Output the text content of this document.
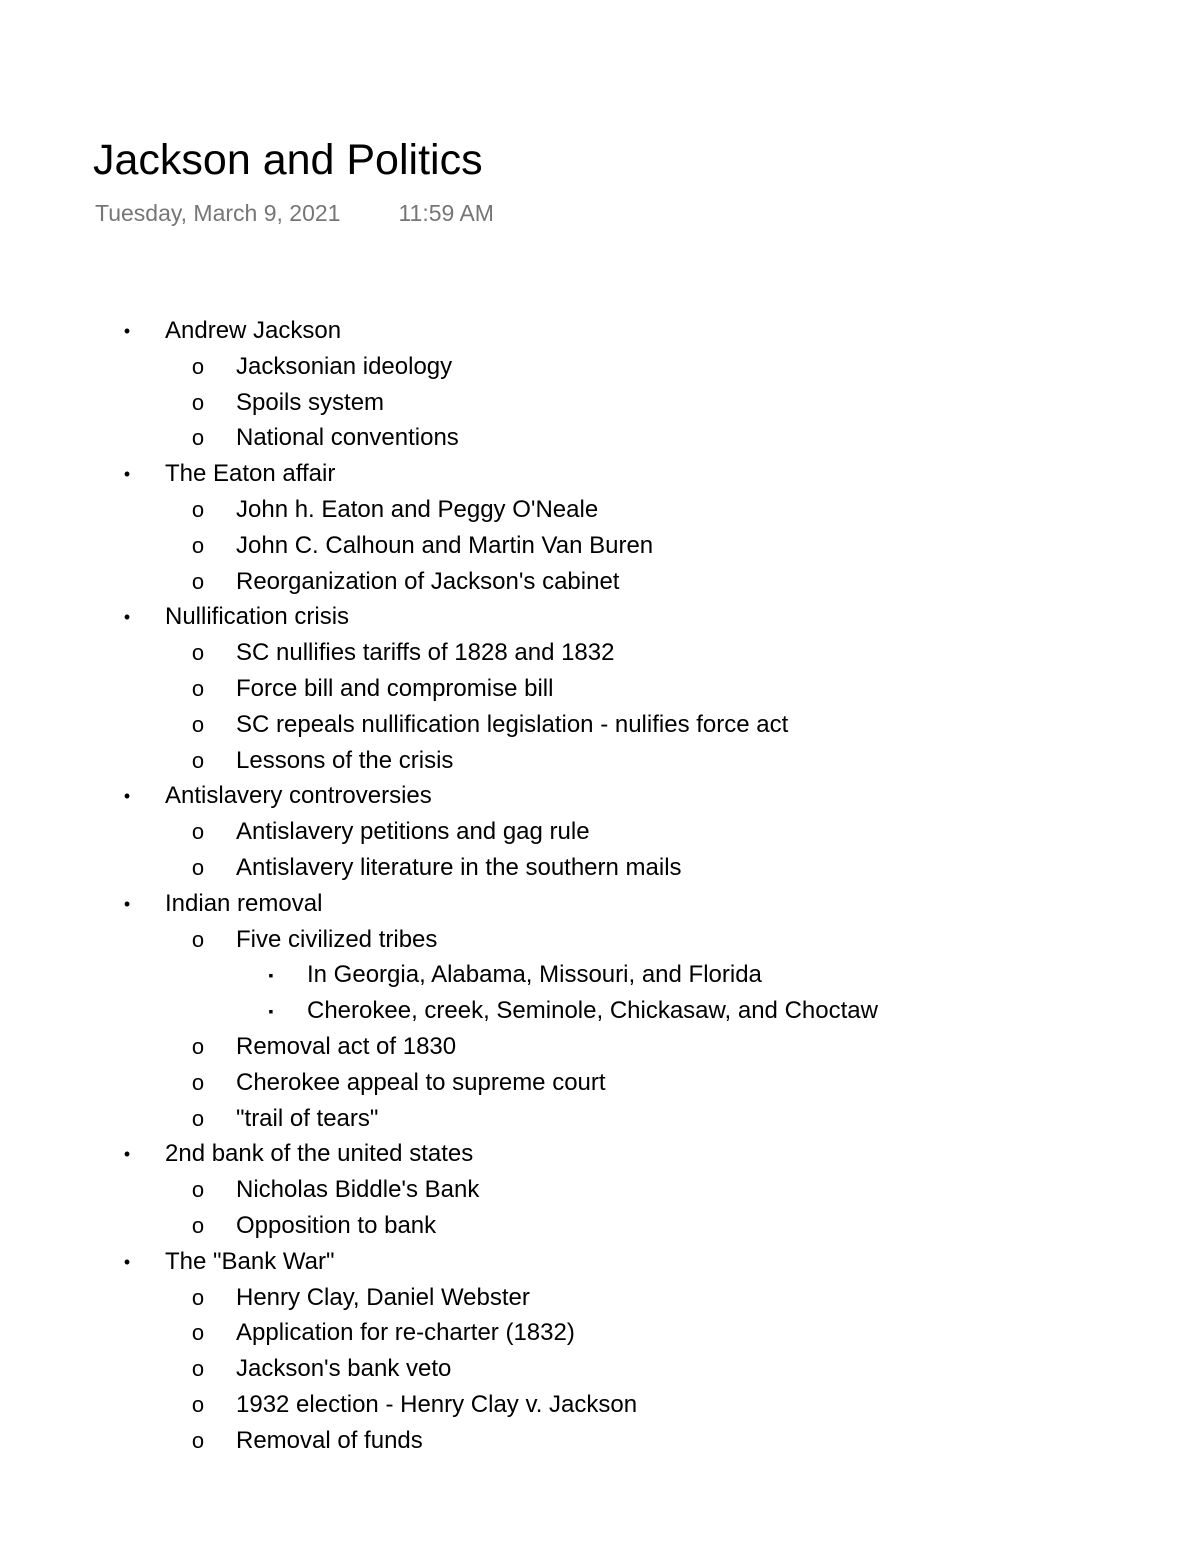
Jackson and Politics
Tuesday, March 9, 2021	11:59 AM
• Andrew Jackson
o Jacksonian ideology
o Spoils system
o National conventions
• The Eaton affair
o John h. Eaton and Peggy O'Neale
o John C. Calhoun and Martin Van Buren
o Reorganization of Jackson's cabinet
• Nullification crisis
o SC nullifies tariffs of 1828 and 1832
o Force bill and compromise bill
o SC repeals nullification legislation - nulifies force act
o Lessons of the crisis
• Antislavery controversies
o Antislavery petitions and gag rule
o Antislavery literature in the southern mails
• Indian removal
o Five civilized tribes
▪ In Georgia, Alabama, Missouri, and Florida
▪ Cherokee, creek, Seminole, Chickasaw, and Choctaw
o Removal act of 1830
o Cherokee appeal to supreme court
o "trail of tears"
• 2nd bank of the united states
o Nicholas Biddle's Bank
o Opposition to bank
• The "Bank War"
o Henry Clay, Daniel Webster
o Application for re-charter (1832)
o Jackson's bank veto
o 1932 election - Henry Clay v. Jackson
o Removal of funds
